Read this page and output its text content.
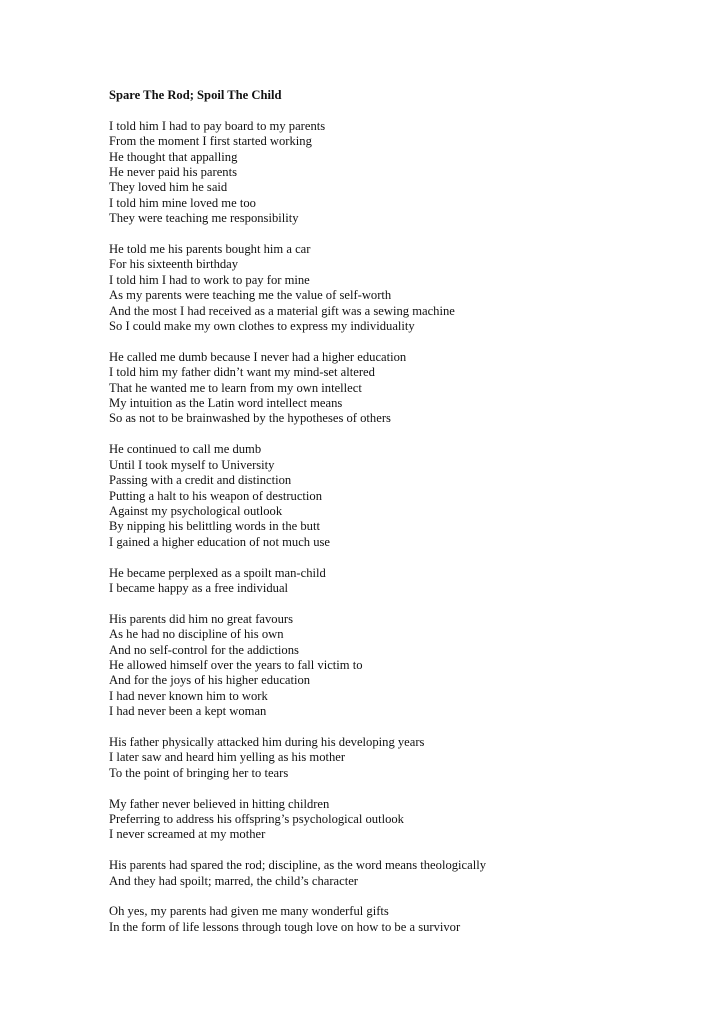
Spare The Rod; Spoil The Child
I told him I had to pay board to my parents
From the moment I first started working
He thought that appalling
He never paid his parents
They loved him he said
I told him mine loved me too
They were teaching me responsibility
He told me his parents bought him a car
For his sixteenth birthday
I told him I had to work to pay for mine
As my parents were teaching me the value of self-worth
And the most I had received as a material gift was a sewing machine
So I could make my own clothes to express my individuality
He called me dumb because I never had a higher education
I told him my father didn’t want my mind-set altered
That he wanted me to learn from my own intellect
My intuition as the Latin word intellect means
So as not to be brainwashed by the hypotheses of others
He continued to call me dumb
Until I took myself to University
Passing with a credit and distinction
Putting a halt to his weapon of destruction
Against my psychological outlook
By nipping his belittling words in the butt
I gained a higher education of not much use
He became perplexed as a spoilt man-child
I became happy as a free individual
His parents did him no great favours
As he had no discipline of his own
And no self-control for the addictions
He allowed himself over the years to fall victim to
And for the joys of his higher education
I had never known him to work
I had never been a kept woman
His father physically attacked him during his developing years
I later saw and heard him yelling as his mother
To the point of bringing her to tears
My father never believed in hitting children
Preferring to address his offspring’s psychological outlook
I never screamed at my mother
His parents had spared the rod; discipline, as the word means theologically
And they had spoilt; marred, the child’s character
Oh yes, my parents had given me many wonderful gifts
In the form of life lessons through tough love on how to be a survivor
